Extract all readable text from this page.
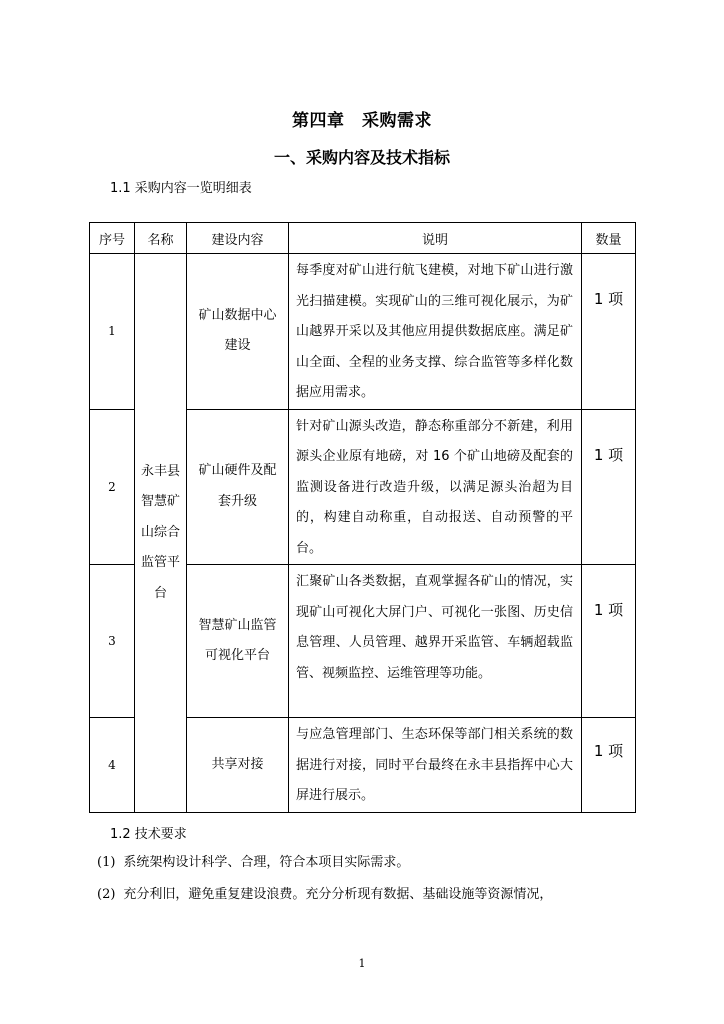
第四章　采购需求
一、采购内容及技术指标
1.1 采购内容一览明细表
序号	名称	建设内容	说明	数量
1	永丰县智慧矿山综合监管平台	矿山数据中心建设	每季度对矿山进行航飞建模，对地下矿山进行激光扫描建模。实现矿山的三维可视化展示，为矿山越界开采以及其他应用提供数据底座。满足矿山全面、全程的业务支撑、综合监管等多样化数据应用需求。	1 项
2		矿山硬件及配套升级	针对矿山源头改造，静态称重部分不新建，利用源头企业原有地磅，对 16 个矿山地磅及配套的监测设备进行改造升级，以满足源头治超为目的，构建自动称重，自动报送、自动预警的平台。	1 项
3		智慧矿山监管可视化平台	汇聚矿山各类数据，直观掌握各矿山的情况，实现矿山可视化大屏门户、可视化一张图、历史信息管理、人员管理、越界开采监管、车辆超载监管、视频监控、运维管理等功能。	1 项
4		共享对接	与应急管理部门、生态环保等部门相关系统的数据进行对接，同时平台最终在永丰县指挥中心大屏进行展示。	1 项
1.2 技术要求
(1) 系统架构设计科学、合理，符合本项目实际需求。
(2) 充分利旧，避免重复建设浪费。充分分析现有数据、基础设施等资源情况，
1
